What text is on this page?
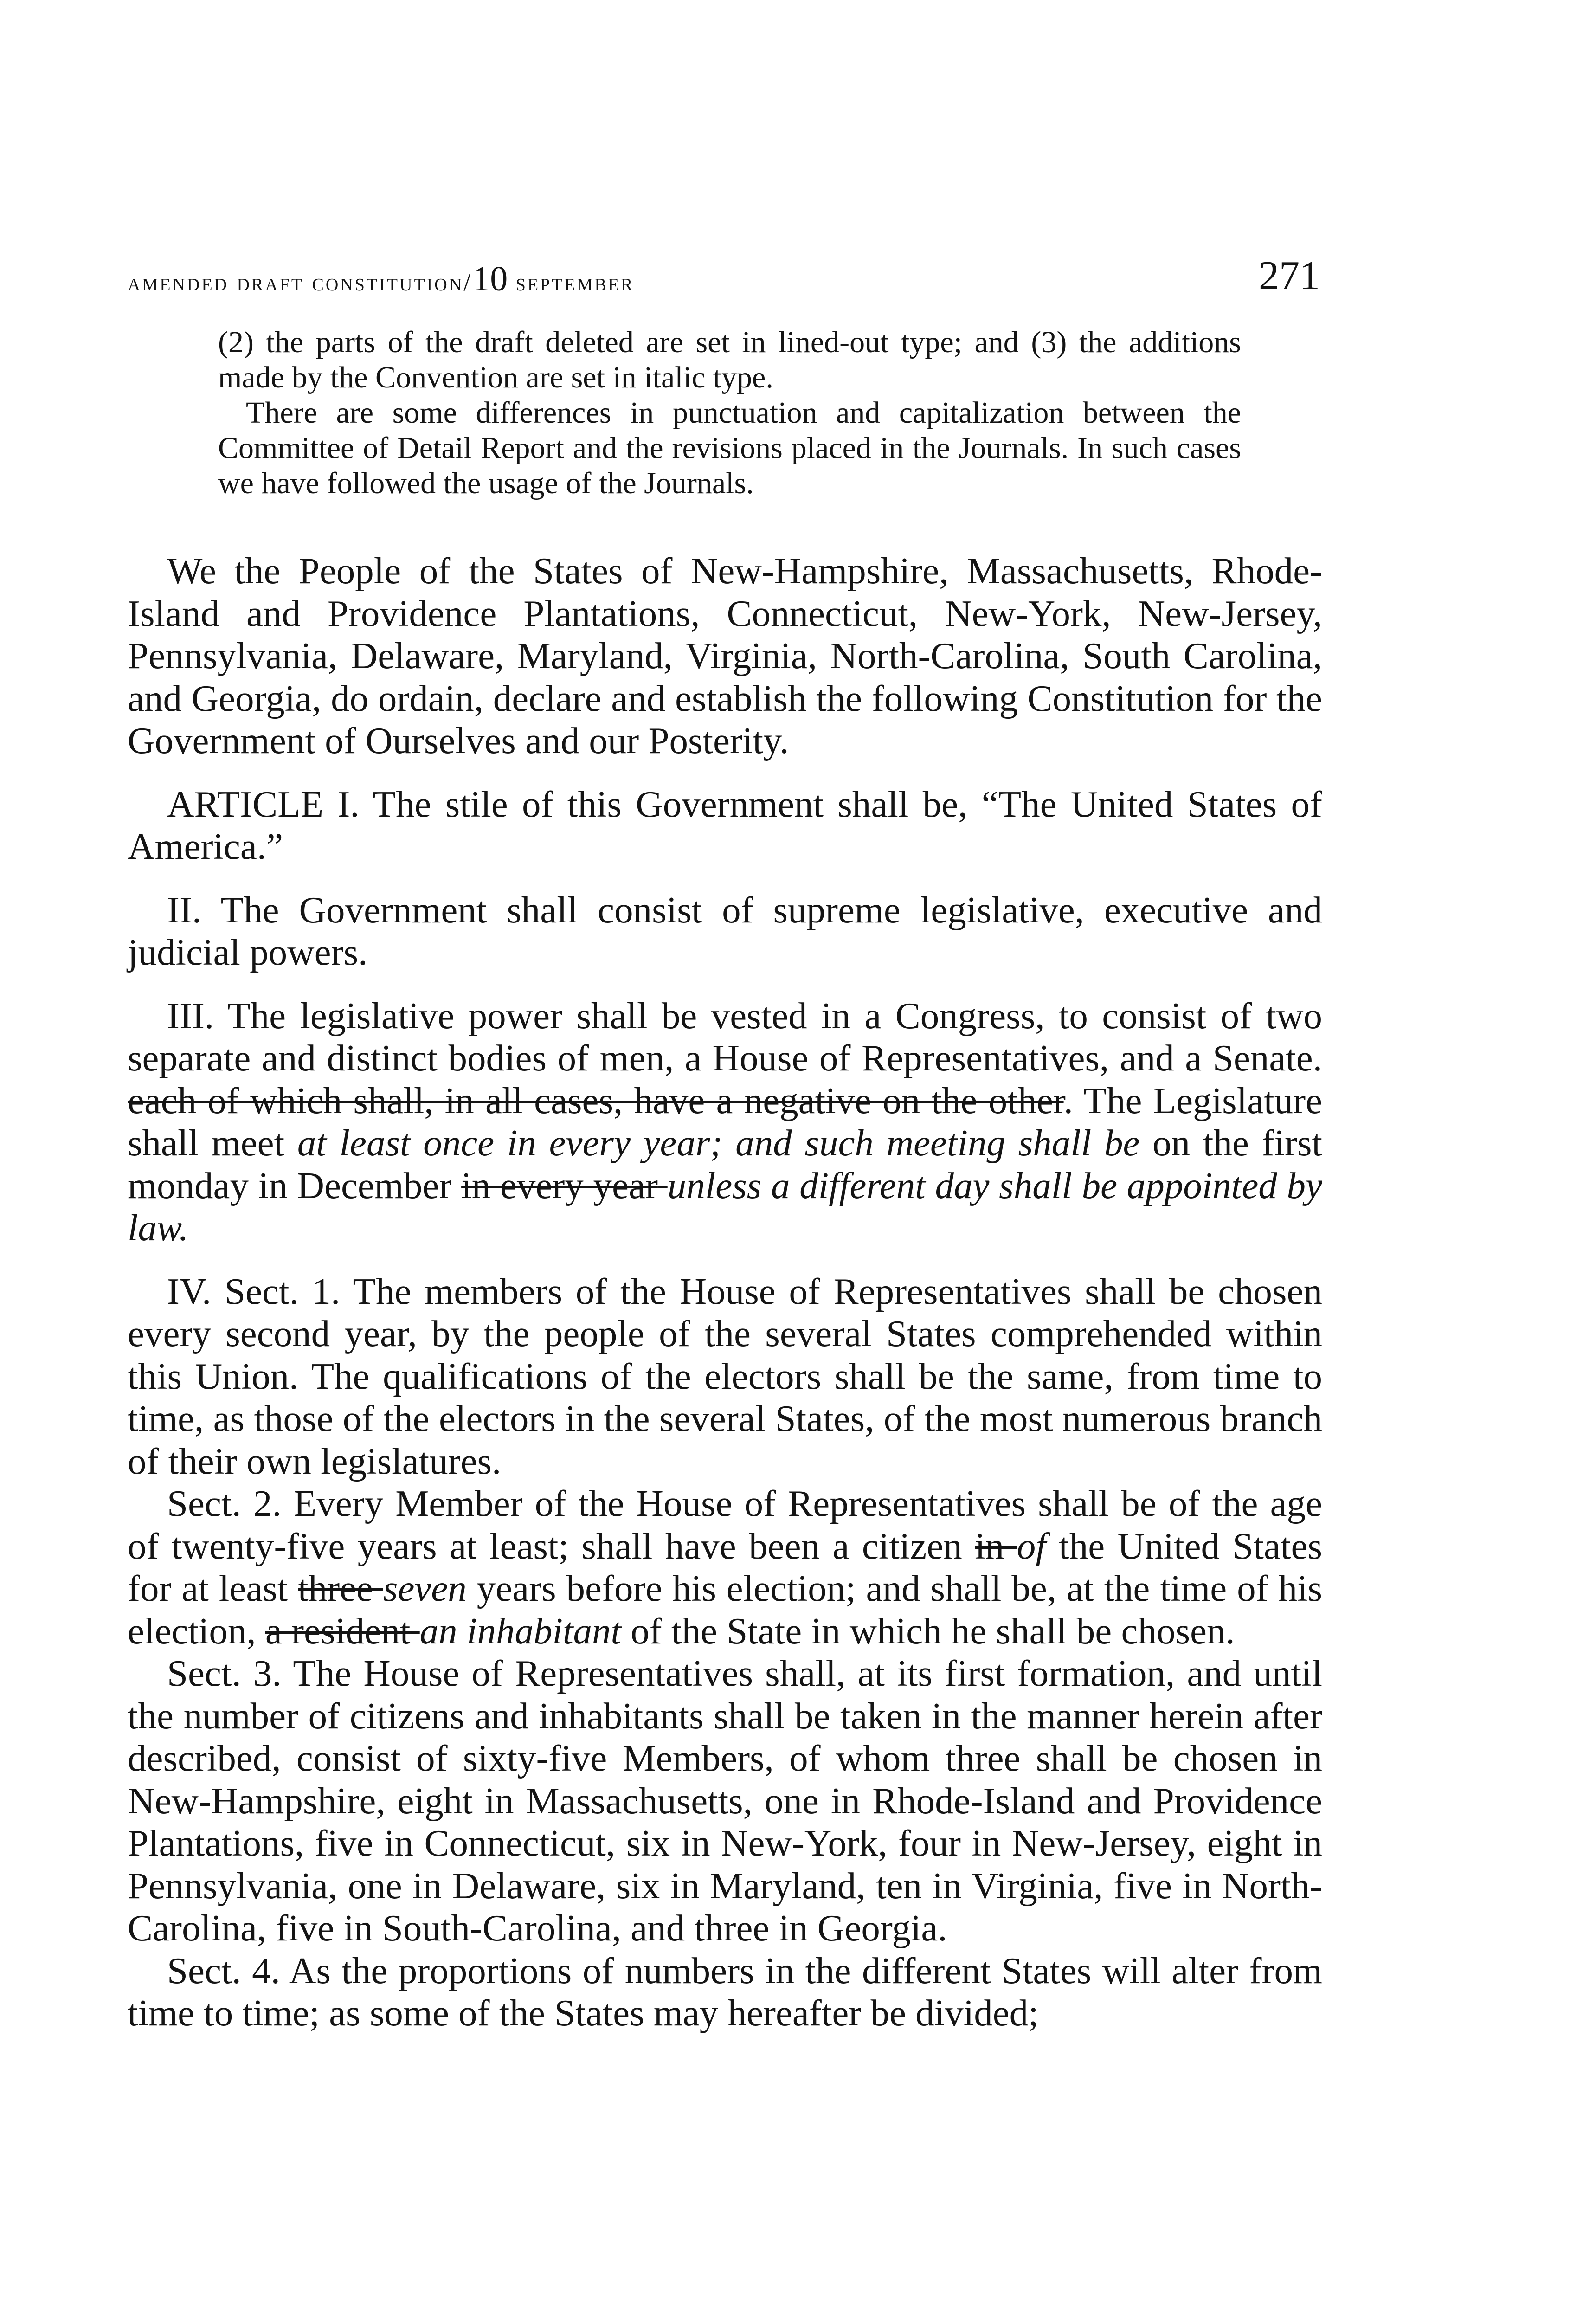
amended draft constitution/10 september	271

(2) the parts of the draft deleted are set in lined-out type; and (3) the additions made by the Convention are set in italic type.

There are some differences in punctuation and capitalization between the Committee of Detail Report and the revisions placed in the Journals. In such cases we have followed the usage of the Journals.

We the People of the States of New-Hampshire, Massachusetts, Rhode-Island and Providence Plantations, Connecticut, New-York, New-Jersey, Pennsylvania, Delaware, Maryland, Virginia, North-Carolina, South Carolina, and Georgia, do ordain, declare and establish the following Constitution for the Government of Ourselves and our Posterity.

ARTICLE I. The stile of this Government shall be, “The United States of America.”

II. The Government shall consist of supreme legislative, executive and judicial powers.

III. The legislative power shall be vested in a Congress, to consist of two separate and distinct bodies of men, a House of Representatives, and a Senate.each of which shall, in all cases, have a negative on the other. The Legislature shall meet at least once in every year; and such meeting shall be on the first monday in December in every year unless a different day shall be appointed by law.

IV. Sect. 1. The members of the House of Representatives shall be chosen every second year, by the people of the several States comprehended within this Union. The qualifications of the electors shall be the same, from time to time, as those of the electors in the several States, of the most numerous branch of their own legislatures.

Sect. 2. Every Member of the House of Representatives shall be of the age of twenty-five years at least; shall have been a citizen in of the United States for at least three seven years before his election; and shall be, at the time of his election, a resident an inhabitant of the State in which he shall be chosen.

Sect. 3. The House of Representatives shall, at its first formation, and until the number of citizens and inhabitants shall be taken in the manner herein after described, consist of sixty-five Members, of whom three shall be chosen in New-Hampshire, eight in Massachusetts, one in Rhode-Island and Providence Plantations, five in Connecticut, six in New-York, four in New-Jersey, eight in Pennsylvania, one in Delaware, six in Maryland, ten in Virginia, five in North-Carolina, five in South-Carolina, and three in Georgia.

Sect. 4. As the proportions of numbers in the different States will alter from time to time; as some of the States may hereafter be divided;
